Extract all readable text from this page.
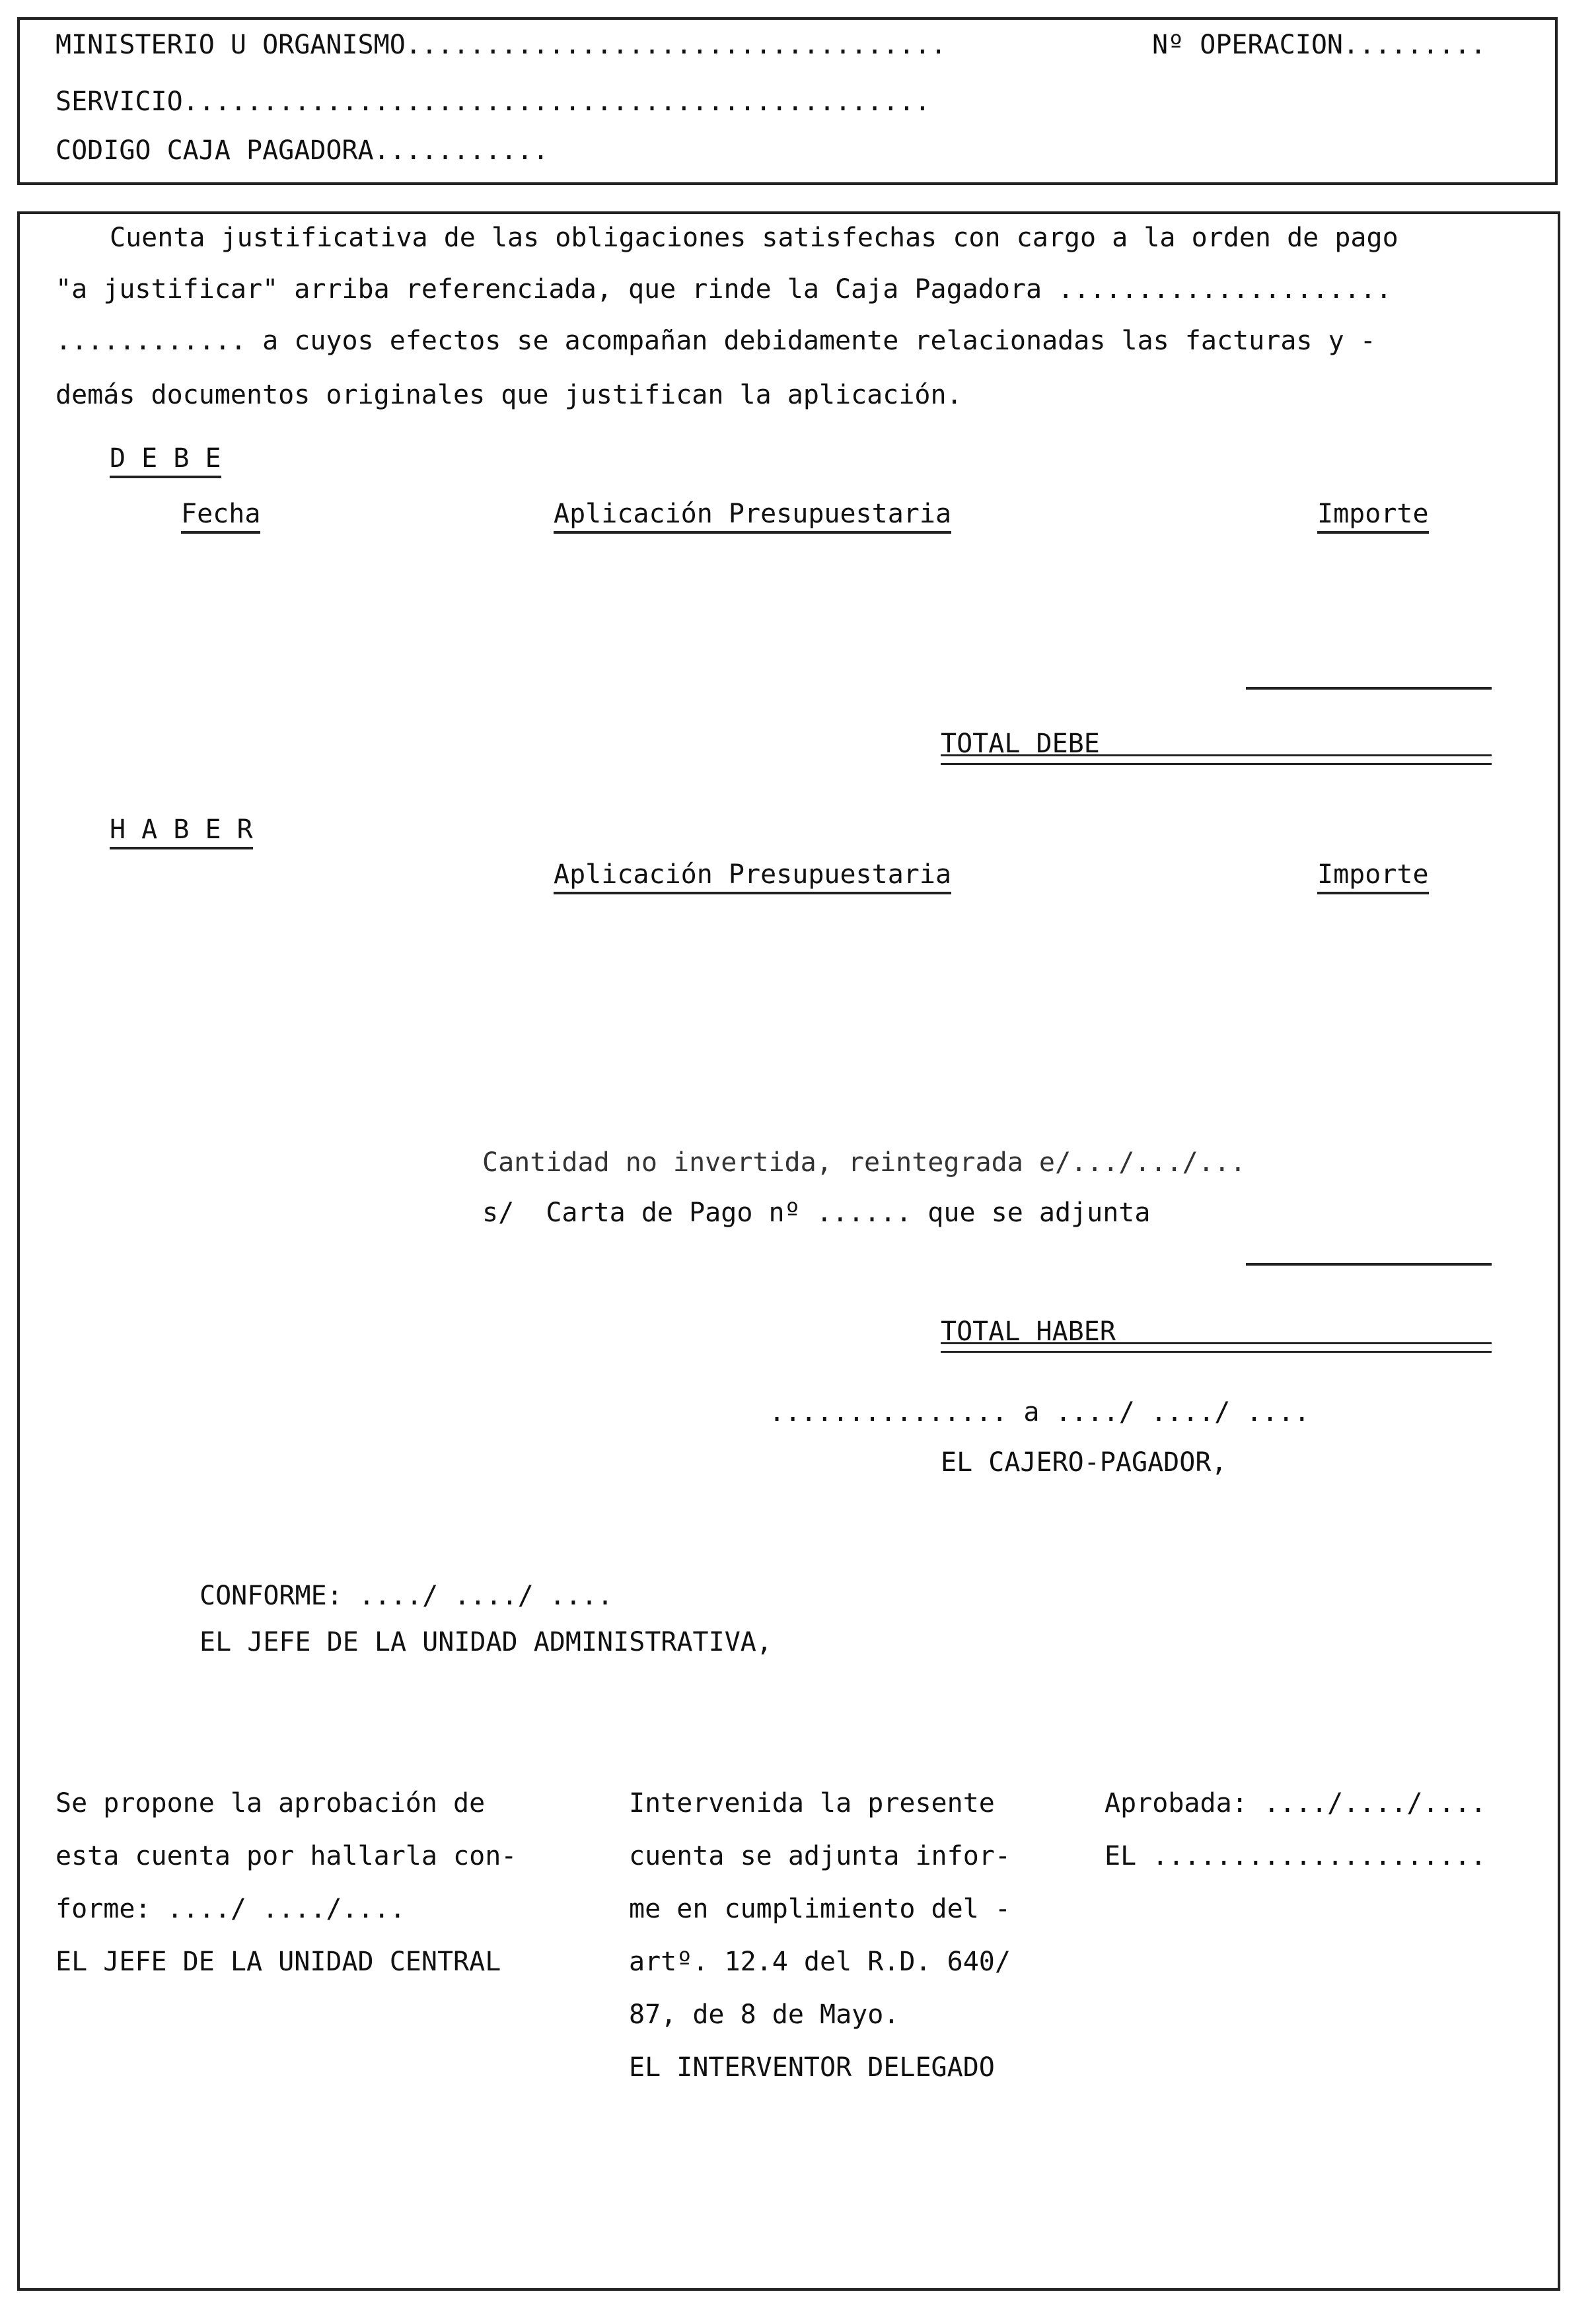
MINISTERIO U ORGANISMO..................................	Nº OPERACION.........
SERVICIO...............................................
CODIGO CAJA PAGADORA...........
Cuenta justificativa de las obligaciones satisfechas con cargo a la orden de pago
"a justificar" arriba referenciada, que rinde la Caja Pagadora .....................
............ a cuyos efectos se acompañan debidamente relacionadas las facturas y -
demás documentos originales que justifican la aplicación.
D E B E
Fecha	Aplicación Presupuestaria	Importe
TOTAL DEBE
H A B E R
Aplicación Presupuestaria	Importe
Cantidad no invertida, reintegrada e/.../.../...
s/  Carta de Pago nº ...... que se adjunta
TOTAL HABER
............... a ..../ ..../ ....
EL CAJERO-PAGADOR,
CONFORME: ..../ ..../ ....
EL JEFE DE LA UNIDAD ADMINISTRATIVA,
Se propone la aprobación de
esta cuenta por hallarla con-
forme: ..../ ..../....
EL JEFE DE LA UNIDAD CENTRAL
Intervenida la presente
cuenta se adjunta infor-
me en cumplimiento del -
artº. 12.4 del R.D. 640/
87, de 8 de Mayo.
EL INTERVENTOR DELEGADO
Aprobada: ..../..../....
EL .....................
